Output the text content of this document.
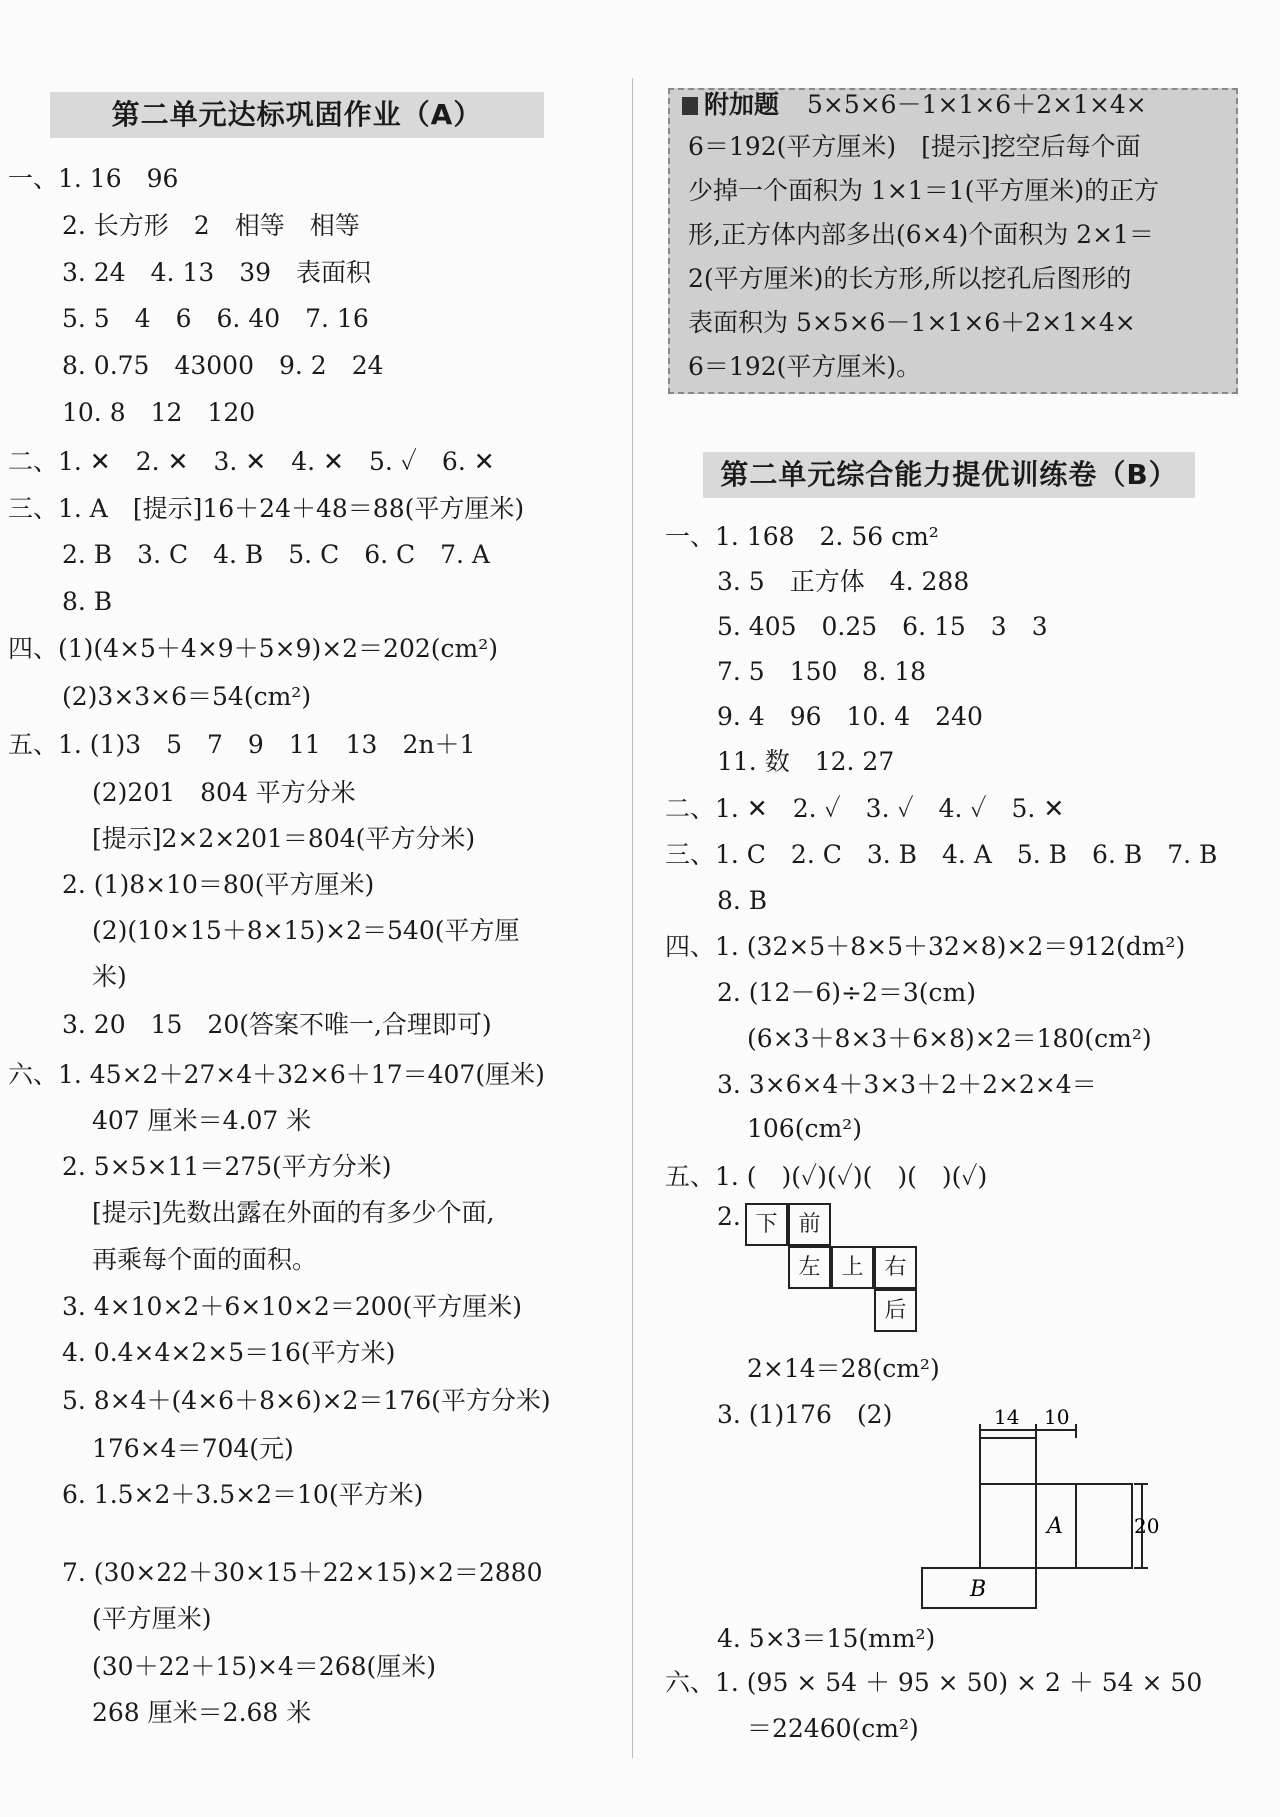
第二单元达标巩固作业（A）
一、1. 16　96
2. 长方形　2　相等　相等
3. 24　4. 13　39　表面积
5. 5　4　6　6. 40　7. 16
8. 0.75　43000　9. 2　24
10. 8　12　120
二、1. ✕　2. ✕　3. ✕　4. ✕　5. ✓　6. ✕
三、1. A　[提示]16＋24＋48＝88(平方厘米)
2. B　3. C　4. B　5. C　6. C　7. A
8. B
四、(1)(4×5＋4×9＋5×9)×2＝202(cm²)
(2)3×3×6＝54(cm²)
五、1. (1)3　5　7　9　11　13　2n＋1
(2)201　804 平方分米
[提示]2×2×201＝804(平方分米)
2. (1)8×10＝80(平方厘米)
(2)(10×15＋8×15)×2＝540(平方厘
米)
3. 20　15　20(答案不唯一,合理即可)
六、1. 45×2＋27×4＋32×6＋17＝407(厘米)
407 厘米＝4.07 米
2. 5×5×11＝275(平方分米)
[提示]先数出露在外面的有多少个面,
再乘每个面的面积。
3. 4×10×2＋6×10×2＝200(平方厘米)
4. 0.4×4×2×5＝16(平方米)
5. 8×4＋(4×6＋8×6)×2＝176(平方分米)
176×4＝704(元)
6. 1.5×2＋3.5×2＝10(平方米)
7. (30×22＋30×15＋22×15)×2＝2880
(平方厘米)
(30＋22＋15)×4＝268(厘米)
268 厘米＝2.68 米
附加题 5×5×6－1×1×6＋2×1×4×
6＝192(平方厘米)　[提示]挖空后每个面
少掉一个面积为 1×1＝1(平方厘米)的正方
形,正方体内部多出(6×4)个面积为 2×1＝
2(平方厘米)的长方形,所以挖孔后图形的
表面积为 5×5×6－1×1×6＋2×1×4×
6＝192(平方厘米)。
第二单元综合能力提优训练卷（B）
一、1. 168　2. 56 cm²
3. 5　正方体　4. 288
5. 405　0.25　6. 15　3　3
7. 5　150　8. 18
9. 4　96　10. 4　240
11. 数　12. 27
二、1. ✕　2. ✓　3. ✓　4. ✓　5. ✕
三、1. C　2. C　3. B　4. A　5. B　6. B　7. B
8. B
四、1. (32×5＋8×5＋32×8)×2＝912(dm²)
2. (12－6)÷2＝3(cm)
(6×3＋8×3＋6×8)×2＝180(cm²)
3. 3×6×4＋3×3＋2＋2×2×4＝
106(cm²)
五、1. (　)(✓)(✓)(　)(　)(✓)
2.
2×14＝28(cm²)
3. (1)176　(2)
4. 5×3＝15(mm²)
六、1. (95 × 54 ＋ 95 × 50) × 2 ＋ 54 × 50
＝22460(cm²)
下 前
左 上 右
后
14 10
20
A
B
